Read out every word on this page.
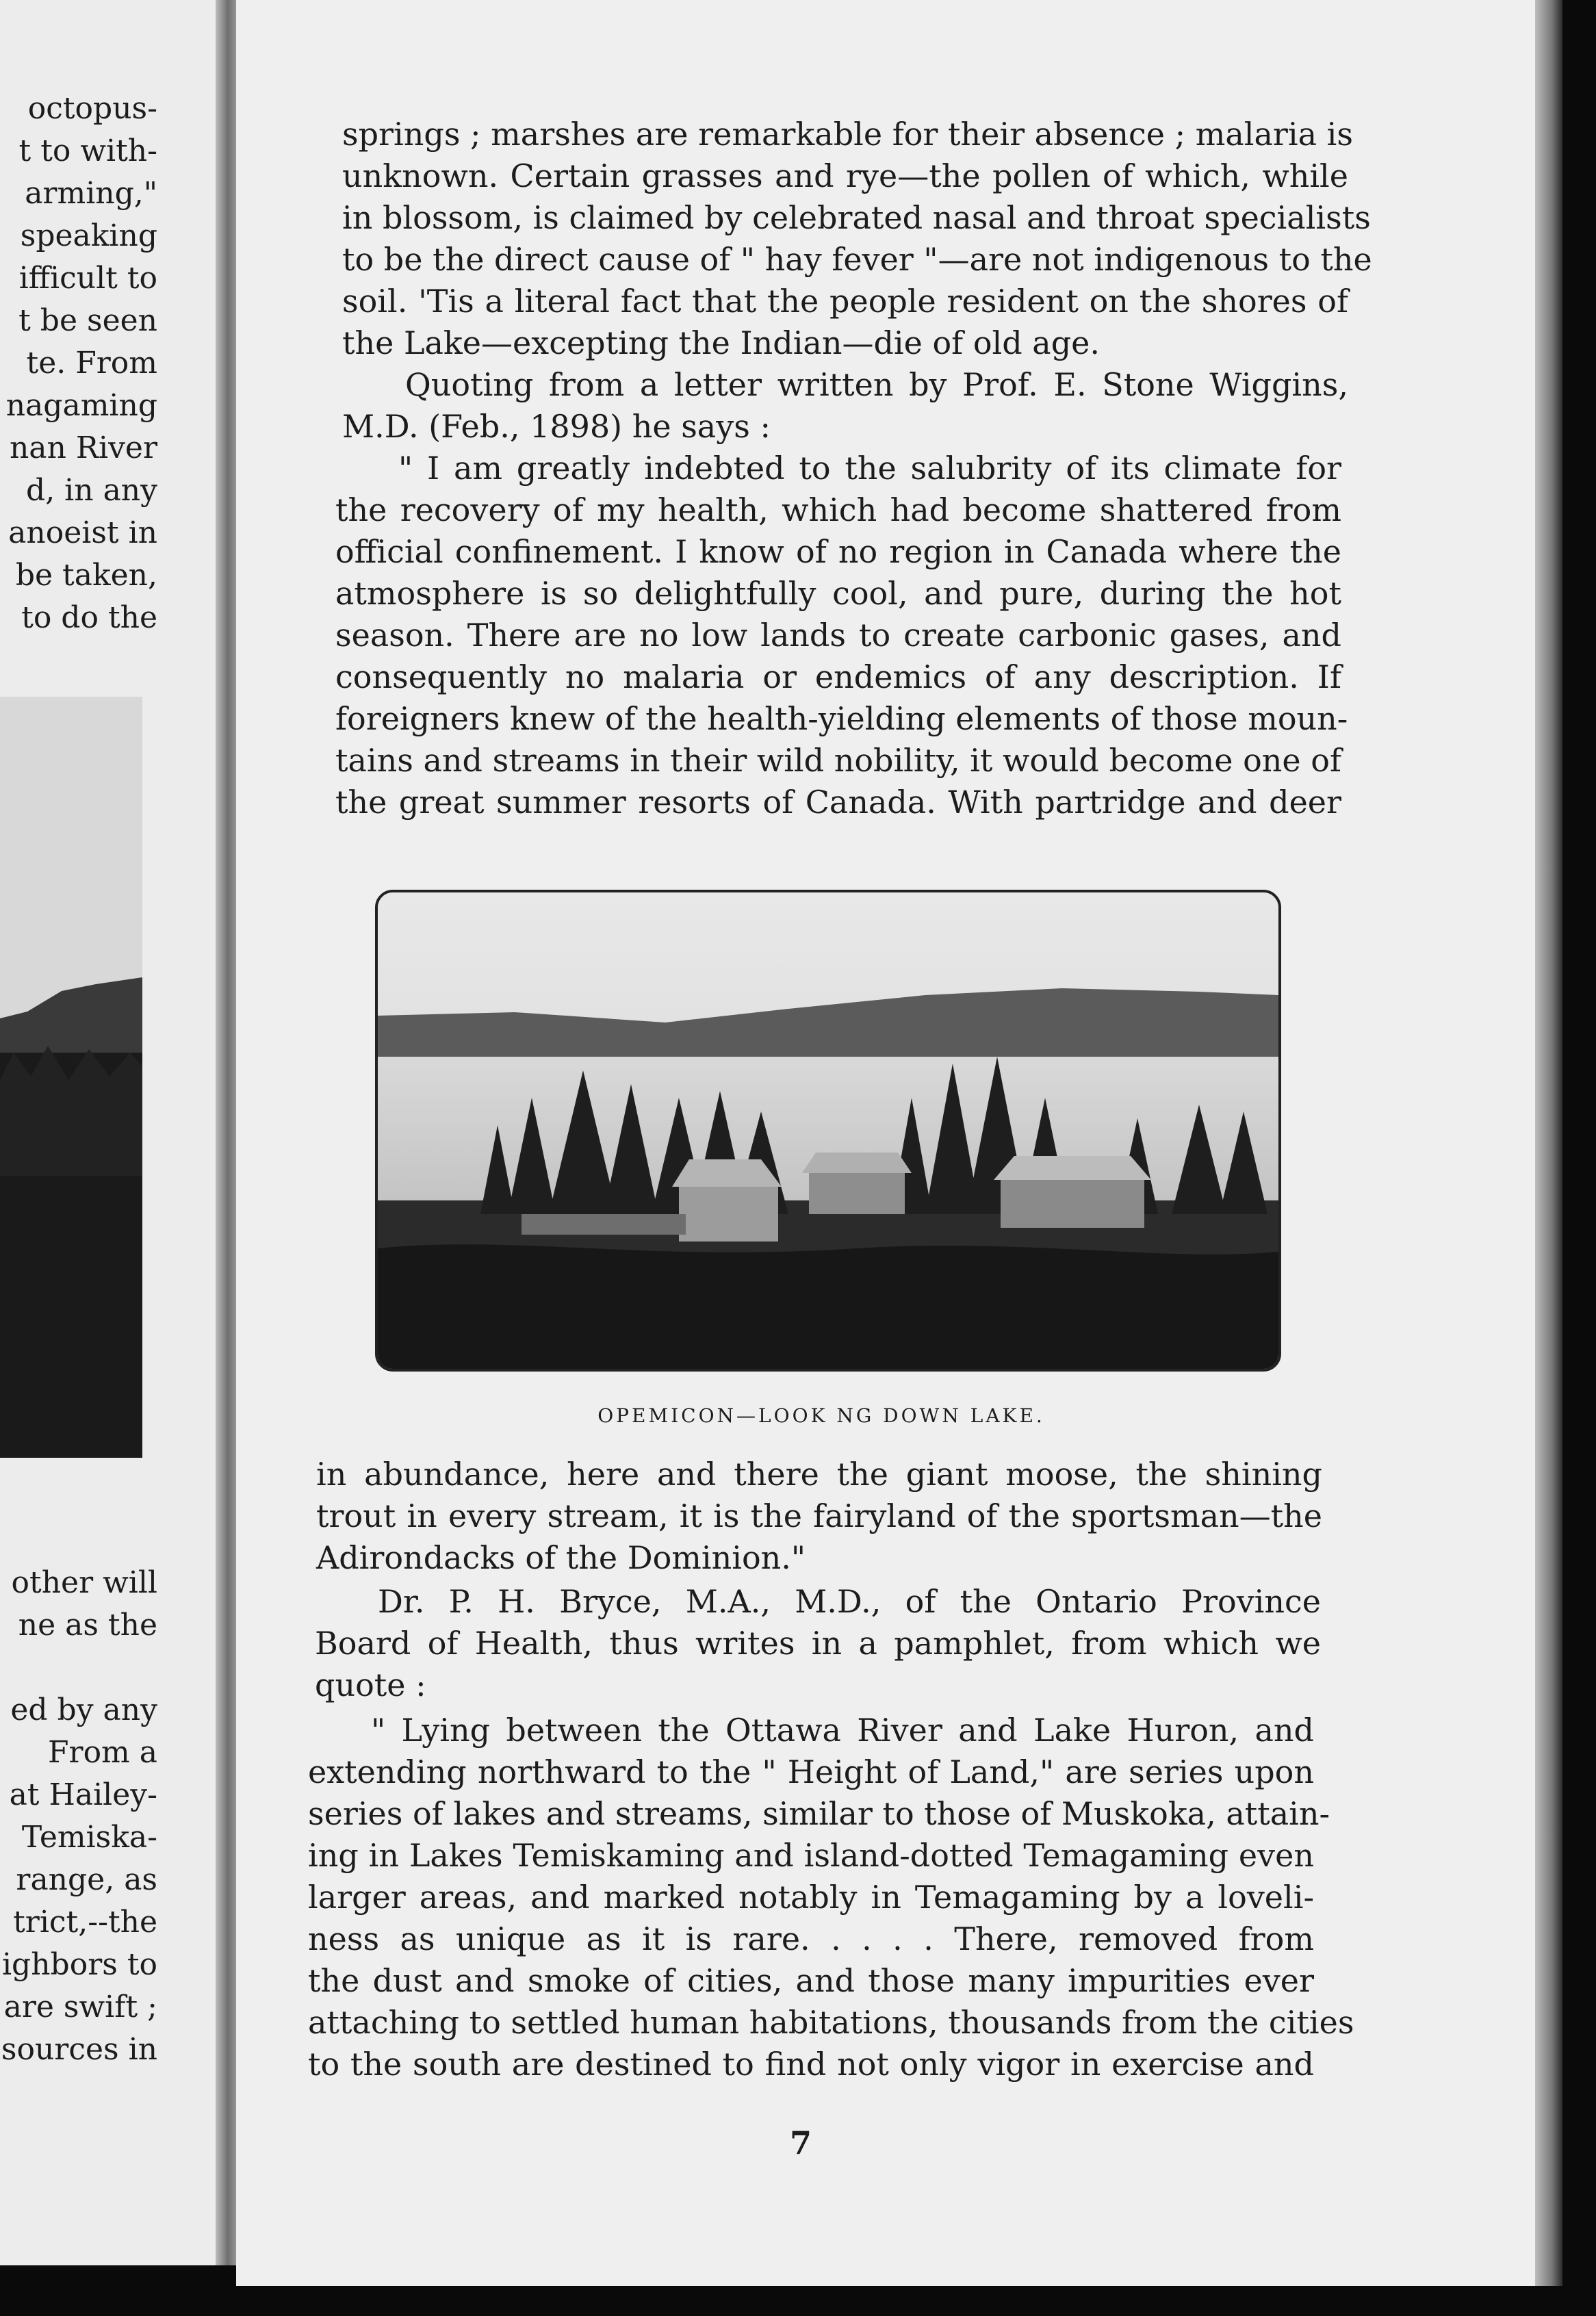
octopus-
t to with-
arming,"
speaking
ifficult to
t be seen
te. From
nagaming
nan River
d, in any
anoeist in
be taken,
to do the
other will
ne as the

ed by any
From a
at Hailey-
Temiska-
range, as
trict,--the
ighbors to
are swift ;
sources in
springs ; marshes are remarkable for their absence ; malaria is
unknown. Certain grasses and rye—the pollen of which, while
in blossom, is claimed by celebrated nasal and throat specialists
to be the direct cause of " hay fever "—are not indigenous to the
soil. 'Tis a literal fact that the people resident on the shores of
the Lake—excepting the Indian—die of old age.
Quoting from a letter written by Prof. E. Stone Wiggins,
M.D. (Feb., 1898) he says :
" I am greatly indebted to the salubrity of its climate for
the recovery of my health, which had become shattered from
official confinement. I know of no region in Canada where the
atmosphere is so delightfully cool, and pure, during the hot
season. There are no low lands to create carbonic gases, and
consequently no malaria or endemics of any description. If
foreigners knew of the health-yielding elements of those moun-
tains and streams in their wild nobility, it would become one of
the great summer resorts of Canada. With partridge and deer
OPEMICON—LOOK NG DOWN LAKE.
in abundance, here and there the giant moose, the shining
trout in every stream, it is the fairyland of the sportsman—the
Adirondacks of the Dominion."
Dr. P. H. Bryce, M.A., M.D., of the Ontario Province
Board of Health, thus writes in a pamphlet, from which we
quote :
" Lying between the Ottawa River and Lake Huron, and
extending northward to the " Height of Land," are series upon
series of lakes and streams, similar to those of Muskoka, attain-
ing in Lakes Temiskaming and island-dotted Temagaming even
larger areas, and marked notably in Temagaming by a loveli-
ness as unique as it is rare. . . . . There, removed from
the dust and smoke of cities, and those many impurities ever
attaching to settled human habitations, thousands from the cities
to the south are destined to find not only vigor in exercise and
7
